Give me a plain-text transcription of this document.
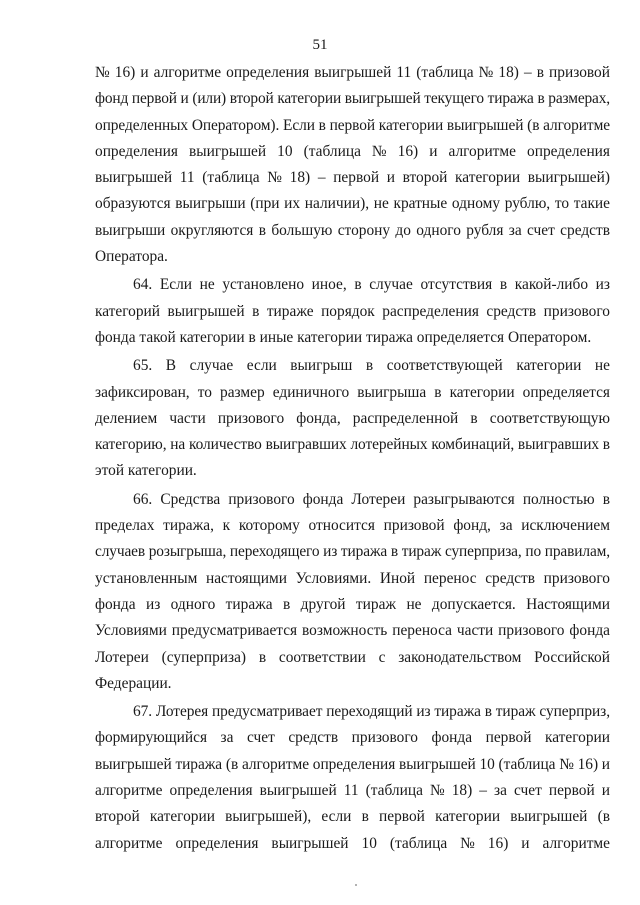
51
№ 16) и алгоритме определения выигрышей 11 (таблица № 18) – в призовой
фонд первой и (или) второй категории выигрышей текущего тиража в размерах,
определенных Оператором). Если в первой категории выигрышей (в алгоритме
определения выигрышей 10 (таблица № 16) и алгоритме определения
выигрышей 11 (таблица № 18) – первой и второй категории выигрышей)
образуются выигрыши (при их наличии), не кратные одному рублю, то такие
выигрыши округляются в большую сторону до одного рубля за счет средств
Оператора.
64. Если не установлено иное, в случае отсутствия в какой-либо из
категорий выигрышей в тираже порядок распределения средств призового
фонда такой категории в иные категории тиража определяется Оператором.
65. В случае если выигрыш в соответствующей категории не
зафиксирован, то размер единичного выигрыша в категории определяется
делением части призового фонда, распределенной в соответствующую
категорию, на количество выигравших лотерейных комбинаций, выигравших в
этой категории.
66. Средства призового фонда Лотереи разыгрываются полностью в
пределах тиража, к которому относится призовой фонд, за исключением
случаев розыгрыша, переходящего из тиража в тираж суперприза, по правилам,
установленным настоящими Условиями. Иной перенос средств призового
фонда из одного тиража в другой тираж не допускается. Настоящими
Условиями предусматривается возможность переноса части призового фонда
Лотереи (суперприза) в соответствии с законодательством Российской
Федерации.
67. Лотерея предусматривает переходящий из тиража в тираж суперприз,
формирующийся за счет средств призового фонда первой категории
выигрышей тиража (в алгоритме определения выигрышей 10 (таблица № 16) и
алгоритме определения выигрышей 11 (таблица № 18) – за счет первой и
второй категории выигрышей), если в первой категории выигрышей (в
алгоритме определения выигрышей 10 (таблица № 16) и алгоритме
